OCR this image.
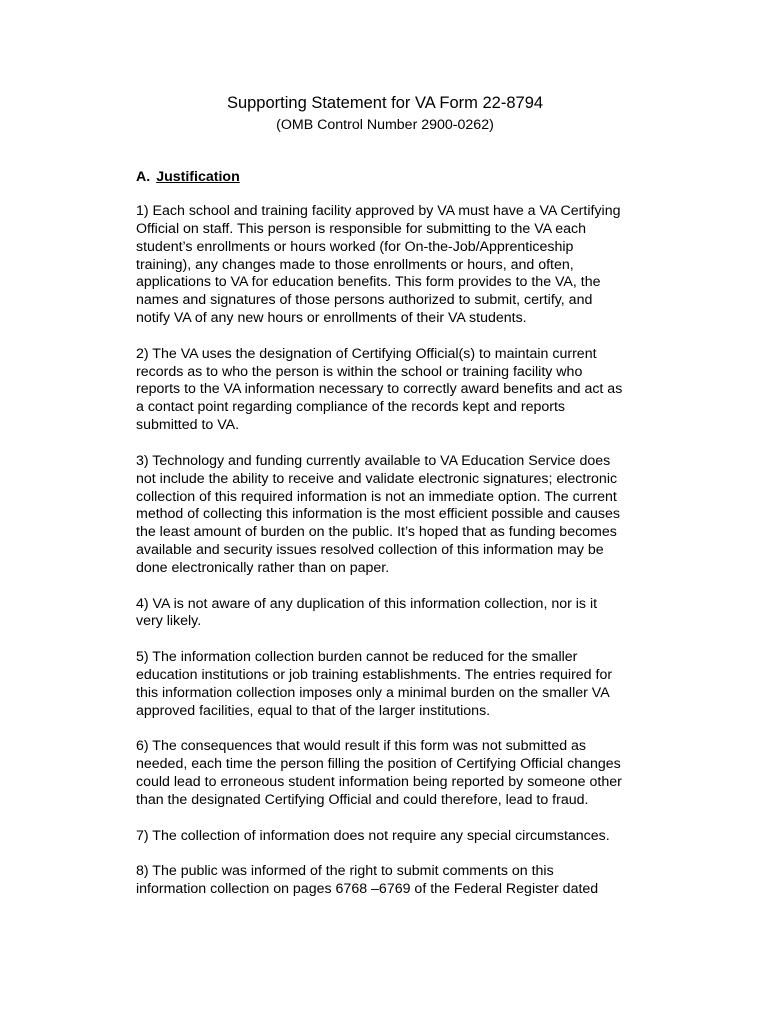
Supporting Statement for VA Form 22-8794
(OMB Control Number 2900-0262)
A. Justification
1) Each school and training facility approved by VA must have a VA Certifying
Official on staff. This person is responsible for submitting to the VA each
student’s enrollments or hours worked (for On-the-Job/Apprenticeship
training), any changes made to those enrollments or hours, and often,
applications to VA for education benefits. This form provides to the VA, the
names and signatures of those persons authorized to submit, certify, and
notify VA of any new hours or enrollments of their VA students.
2) The VA uses the designation of Certifying Official(s) to maintain current
records as to who the person is within the school or training facility who
reports to the VA information necessary to correctly award benefits and act as
a contact point regarding compliance of the records kept and reports
submitted to VA.
3) Technology and funding currently available to VA Education Service does
not include the ability to receive and validate electronic signatures; electronic
collection of this required information is not an immediate option. The current
method of collecting this information is the most efficient possible and causes
the least amount of burden on the public. It’s hoped that as funding becomes
available and security issues resolved collection of this information may be
done electronically rather than on paper.
4) VA is not aware of any duplication of this information collection, nor is it
very likely.
5) The information collection burden cannot be reduced for the smaller
education institutions or job training establishments. The entries required for
this information collection imposes only a minimal burden on the smaller VA
approved facilities, equal to that of the larger institutions.
6) The consequences that would result if this form was not submitted as
needed, each time the person filling the position of Certifying Official changes
could lead to erroneous student information being reported by someone other
than the designated Certifying Official and could therefore, lead to fraud.
7) The collection of information does not require any special circumstances.
8) The public was informed of the right to submit comments on this
information collection on pages 6768 –6769 of the Federal Register dated
